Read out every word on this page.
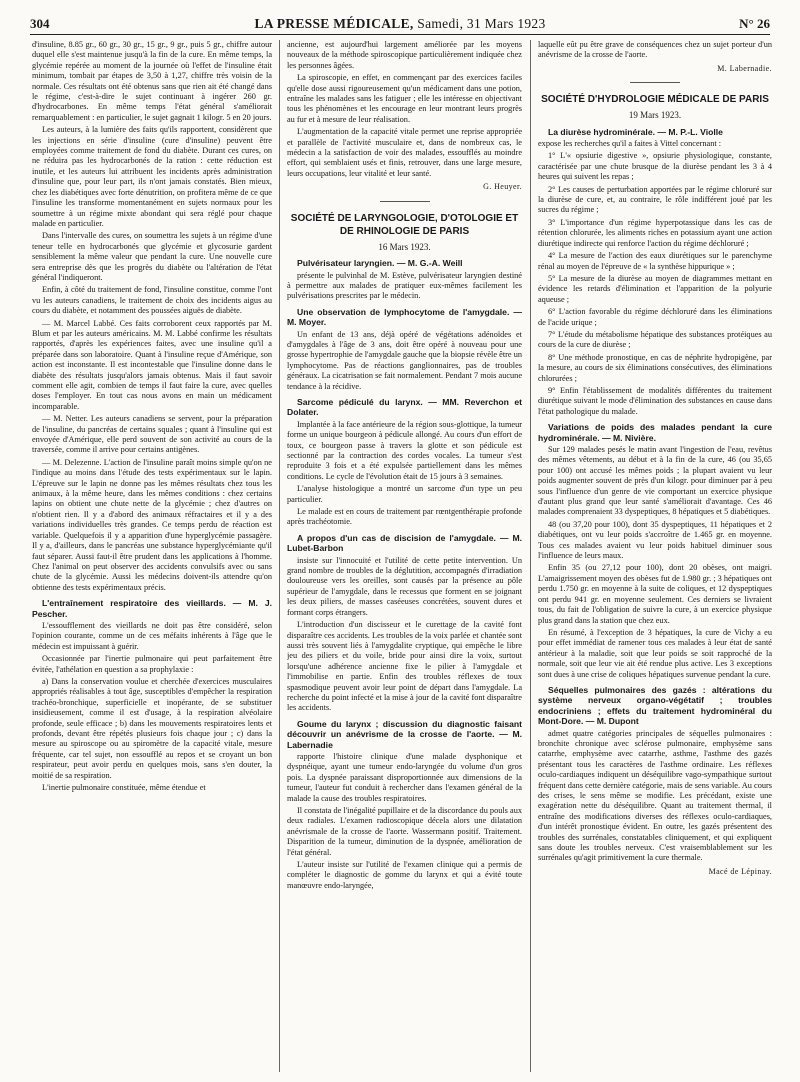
304	LA PRESSE MÉDICALE, Samedi, 31 Mars 1923	N° 26

d'insuline, 8.85 gr., 60 gr., 30 gr., 15 gr., 9 gr., puis 5 gr., chiffre autour duquel elle s'est maintenue jusqu'à la fin de la cure. En même temps, la glycémie repérée au moment de la journée où l'effet de l'insuline était minimum, tombait par étapes de 3,50 à 1,27, chiffre très voisin de la normale. Ces résultats ont été obtenus sans que rien ait été changé dans le régime, c'est-à-dire le sujet continuant à ingérer 260 gr. d'hydrocarbones. En même temps l'état général s'améliorait remarquablement : en particulier, le sujet gagnait 1 kilogr. 5 en 20 jours.

Les auteurs, à la lumière des faits qu'ils rapportent, considèrent que les injections en série d'insuline (cure d'insuline) peuvent être employées comme traitement de fond du diabète. Durant ces cures, on ne réduira pas les hydrocarbonés de la ration : cette réduction est inutile, et les auteurs lui attribuent les incidents après administration d'insuline que, pour leur part, ils n'ont jamais constatés. Bien mieux, chez les diabétiques avec forte dénutrition, on profitera même de ce que l'insuline les transforme momentanément en sujets normaux pour les soumettre à un régime mixte abondant qui sera réglé pour chaque malade en particulier.

Dans l'intervalle des cures, on soumettra les sujets à un régime d'une teneur telle en hydrocarbonés que glycémie et glycosurie gardent sensiblement la même valeur que pendant la cure. Une nouvelle cure sera entreprise dès que les progrès du diabète ou l'altération de l'état général l'indiqueront.

Enfin, à côté du traitement de fond, l'insuline constitue, comme l'ont vu les auteurs canadiens, le traitement de choix des incidents aigus au cours du diabète, et notamment des poussées aiguës de diabète.

— M. Marcel Labbé. Ces faits corroborent ceux rapportés par M. Blum et par les auteurs américains. M. M. Labbé confirme les résultats rapportés, d'après les expériences faites, avec une insuline qu'il a préparée dans son laboratoire. Quant à l'insuline reçue d'Amérique, son action est inconstante. Il est incontestable que l'insuline donne dans le diabète des résultats jusqu'alors jamais obtenus. Mais il faut savoir comment elle agit, combien de temps il faut faire la cure, avec quelles doses l'employer. En tout cas nous avons en main un médicament incomparable.

— M. Netter. Les auteurs canadiens se servent, pour la préparation de l'insuline, du pancréas de certains squales ; quant à l'insuline qui est envoyée d'Amérique, elle perd souvent de son activité au cours de la traversée, comme il arrive pour certains antigènes.

— M. Delezenne. L'action de l'insuline paraît moins simple qu'on ne l'indique au moins dans l'étude des tests expérimentaux sur le lapin. L'épreuve sur le lapin ne donne pas les mêmes résultats chez tous les animaux, à la même heure, dans les mêmes conditions : chez certains lapins on obtient une chute nette de la glycémie ; chez d'autres on n'obtient rien. Il y a d'abord des animaux réfractaires et il y a des variations individuelles très grandes. Ce temps perdu de réaction est variable. Quelquefois il y a apparition d'une hyperglycémie passagère. Il y a, d'ailleurs, dans le pancréas une substance hyperglycémiante qu'il faut séparer. Aussi faut-il être prudent dans les applications à l'homme. Chez l'animal on peut observer des accidents convulsifs avec ou sans chute de la glycémie. Aussi les médecins doivent-ils attendre qu'on obtienne des tests expérimentaux précis.

L'entraînement respiratoire des vieillards. — M. J. Pescher.

L'essoufflement des vieillards ne doit pas être considéré, selon l'opinion courante, comme un de ces méfaits inhérents à l'âge que le médecin est impuissant à guérir.

Occasionnée par l'inertie pulmonaire qui peut parfaitement être évitée, l'athélation en question a sa prophylaxie :

a) Dans la conservation voulue et cherchée d'exercices musculaires appropriés réalisables à tout âge, susceptibles d'empêcher la respiration trachéo-bronchique, superficielle et inopérante, de se substituer insidieusement, comme il est d'usage, à la respiration alvéolaire profonde, seule efficace ; b) dans les mouvements respiratoires lents et profonds, devant être répétés plusieurs fois chaque jour ; c) dans la mesure au spiroscope ou au spiromètre de la capacité vitale, mesure fréquente, car tel sujet, non essoufflé au repos et se croyant un bon respirateur, peut avoir perdu en quelques mois, sans s'en douter, la moitié de sa respiration.

L'inertie pulmonaire constituée, même étendue et

ancienne, est aujourd'hui largement améliorée par les moyens nouveaux de la méthode spiroscopique particulièrement indiquée chez les personnes âgées.

La spiroscopie, en effet, en commençant par des exercices faciles qu'elle dose aussi rigoureusement qu'un médicament dans une potion, entraîne les malades sans les fatiguer ; elle les intéresse en objectivant tous les phénomènes et les encourage en leur montrant leurs progrès au fur et à mesure de leur réalisation.

L'augmentation de la capacité vitale permet une reprise appropriée et parallèle de l'activité musculaire et, dans de nombreux cas, le médecin a la satisfaction de voir des malades, essoufflés au moindre effort, qui semblaient usés et finis, retrouver, dans une large mesure, leurs occupations, leur vitalité et leur santé.

G. Heuyer.

SOCIÉTÉ DE LARYNGOLOGIE, D'OTOLOGIE ET DE RHINOLOGIE DE PARIS

16 Mars 1923.

Pulvérisateur laryngien. — M. G.-A. Weill

présente le pulvinhal de M. Estève, pulvérisateur laryngien destiné à permettre aux malades de pratiquer eux-mêmes facilement les pulvérisations prescrites par le médecin.

Une observation de lymphocytome de l'amygdale. — M. Moyer.

Un enfant de 13 ans, déjà opéré de végétations adénoïdes et d'amygdales à l'âge de 3 ans, doit être opéré à nouveau pour une grosse hypertrophie de l'amygdale gauche que la biopsie révèle être un lymphocytome. Pas de réactions ganglionnaires, pas de troubles généraux. La cicatrisation se fait normalement. Pendant 7 mois aucune tendance à la récidive.

Sarcome pédiculé du larynx. — MM. Reverchon et Dolater.

Implantée à la face antérieure de la région sous-glottique, la tumeur forme un unique bourgeon à pédicule allongé. Au cours d'un effort de toux, ce bourgeon passe à travers la glotte et son pédicule est sectionné par la contraction des cordes vocales. La tumeur s'est reproduite 3 fois et a été expulsée partiellement dans les mêmes conditions. Le cycle de l'évolution était de 15 jours à 3 semaines.

L'analyse histologique a montré un sarcome d'un type un peu particulier.

Le malade est en cours de traitement par rœntgenthérapie profonde après trachéotomie.

A propos d'un cas de discision de l'amygdale. — M. Lubet-Barbon

insiste sur l'innocuité et l'utilité de cette petite intervention. Un grand nombre de troubles de la déglutition, accompagnés d'irradiation douloureuse vers les oreilles, sont causés par la présence au pôle supérieur de l'amygdale, dans le recessus que forment en se joignant les deux piliers, de masses caséeuses concrétées, souvent dures et formant corps étrangers.

L'introduction d'un discisseur et le curettage de la cavité font disparaître ces accidents. Les troubles de la voix parlée et chantée sont aussi très souvent liés à l'amygdalite cryptique, qui empêche le libre jeu des piliers et du voile, bride pour ainsi dire la voix, surtout lorsqu'une adhérence ancienne fixe le pilier à l'amygdale et l'immobilise en partie. Enfin des troubles réflexes de toux spasmodique peuvent avoir leur point de départ dans l'amygdale. La recherche du point infecté et la mise à jour de la cavité font disparaître les accidents.

Goume du larynx ; discussion du diagnostic faisant découvrir un anévrisme de la crosse de l'aorte. — M. Labernadie

rapporte l'histoire clinique d'une malade dysphonique et dyspnéique, ayant une tumeur endo-laryngée du volume d'un gros pois. La dyspnée paraissant disproportionnée aux dimensions de la tumeur, l'auteur fut conduit à rechercher dans l'examen général de la malade la cause des troubles respiratoires.

Il constata de l'inégalité pupillaire et de la discordance du pouls aux deux radiales. L'examen radioscopique décela alors une dilatation anévrismale de la crosse de l'aorte. Wassermann positif. Traitement. Disparition de la tumeur, diminution de la dyspnée, amélioration de l'état général.

L'auteur insiste sur l'utilité de l'examen clinique qui a permis de compléter le diagnostic de gomme du larynx et qui a évité toute manœuvre endo-laryngée,

laquelle eût pu être grave de conséquences chez un sujet porteur d'un anévrisme de la crosse de l'aorte.

M. Labernadie.

SOCIÉTÉ D'HYDROLOGIE MÉDICALE DE PARIS

19 Mars 1923.

La diurèse hydrominérale. — M. P.-L. Violle

expose les recherches qu'il a faites à Vittel concernant :

1° L'« opsiurie digestive », opsiurie physiologique, constante, caractérisée par une chute brusque de la diurèse pendant les 3 à 4 heures qui suivent les repas ;

2° Les causes de perturbation apportées par le régime chloruré sur la diurèse de cure, et, au contraire, le rôle indifférent joué par les sucres du régime ;

3° L'importance d'un régime hyperpotassique dans les cas de rétention chlorurée, les aliments riches en potassium ayant une action diurétique indirecte qui renforce l'action du régime déchloruré ;

4° La mesure de l'action des eaux diurétiques sur le parenchyme rénal au moyen de l'épreuve de « la synthèse hippurique » ;

5° La mesure de la diurèse au moyen de diagrammes mettant en évidence les retards d'élimination et l'apparition de la polyurie aqueuse ;

6° L'action favorable du régime déchloruré dans les éliminations de l'acide urique ;

7° L'étude du métabolisme hépatique des substances protéiques au cours de la cure de diurèse ;

8° Une méthode pronostique, en cas de néphrite hydropigène, par la mesure, au cours de six éliminations consécutives, des éliminations chlorurées ;

9° Enfin l'établissement de modalités différentes du traitement diurétique suivant le mode d'élimination des substances en cause dans l'état pathologique du malade.

Variations de poids des malades pendant la cure hydrominérale. — M. Nivière.

Sur 129 malades pesés le matin avant l'ingestion de l'eau, revêtus des mêmes vêtements, au début et à la fin de la cure, 46 (ou 35,65 pour 100) ont accusé les mêmes poids ; la plupart avaient vu leur poids augmenter souvent de près d'un kilogr. pour diminuer par à peu sous l'influence d'un genre de vie comportant un exercice physique d'autant plus grand que leur santé s'améliorait d'avantage. Ces 46 malades comprenaient 33 dyspeptiques, 8 hépatiques et 5 diabétiques.

48 (ou 37,20 pour 100), dont 35 dyspeptiques, 11 hépatiques et 2 diabétiques, ont vu leur poids s'accroître de 1.465 gr. en moyenne. Tous ces malades avaient vu leur poids habituel diminuer sous l'influence de leurs maux.

Enfin 35 (ou 27,12 pour 100), dont 20 obèses, ont maigri. L'amaigrissement moyen des obèses fut de 1.980 gr. ; 3 hépatiques ont perdu 1.750 gr. en moyenne à la suite de coliques, et 12 dyspeptiques ont perdu 941 gr. en moyenne seulement. Ces derniers se livraient tous, du fait de l'obligation de suivre la cure, à un exercice physique plus grand dans la station que chez eux.

En résumé, à l'exception de 3 hépatiques, la cure de Vichy a eu pour effet immédiat de ramener tous ces malades à leur état de santé antérieur à la maladie, soit que leur poids se soit rapproché de la normale, soit que leur vie ait été rendue plus active. Les 3 exceptions sont dues à une crise de coliques hépatiques survenue pendant la cure.

Séquelles pulmonaires des gazés : altérations du système nerveux organo-végétatif ; troubles endocriniens ; effets du traitement hydrominéral du Mont-Dore. — M. Dupont

admet quatre catégories principales de séquelles pulmonaires : bronchite chronique avec sclérose pulmonaire, emphysème sans catarrhe, emphysème avec catarrhe, asthme, l'asthme des gazés présentant tous les caractères de l'asthme ordinaire. Les réflexes oculo-cardiaques indiquent un déséquilibre vago-sympathique surtout fréquent dans cette dernière catégorie, mais de sens variable. Au cours des crises, le sens même se modifie. Les précédant, existe une exagération nette du déséquilibre. Quant au traitement thermal, il entraîne des modifications diverses des réflexes oculo-cardiaques, d'un intérêt pronostique évident. En outre, les gazés présentent des troubles des surrénales, constatables cliniquement, et qui expliquent sans doute les troubles nerveux. C'est vraisemblablement sur les surrénales qu'agit primitivement la cure thermale.

Macé de Lépinay.
